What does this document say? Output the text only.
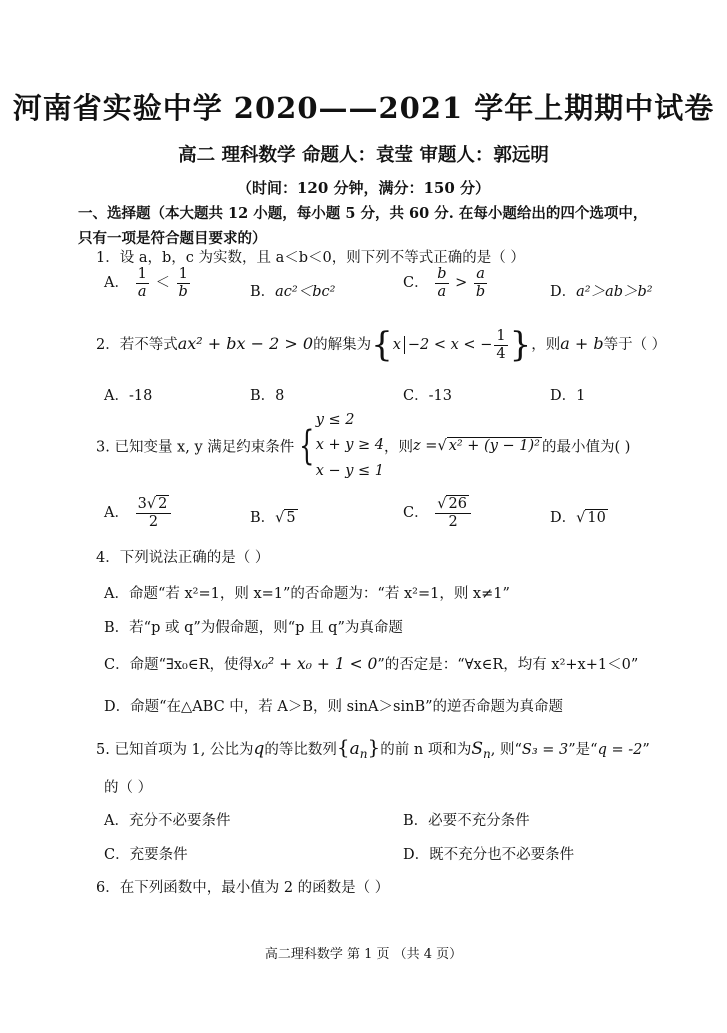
河南省实验中学 2020——2021 学年上期期中试卷
高二 理科数学 命题人：袁莹 审题人：郭远明
（时间：120 分钟，满分：150 分）
一、选择题（本大题共 12 小题，每小题 5 分，共 60 分. 在每小题给出的四个选项中，
只有一项是符合题目要求的）
1．设 a，b，c 为实数，且 a＜b＜0，则下列不等式正确的是（ ）
A． $\frac{1}{a} < \frac{1}{b}$	B．ac²＜bc²
C． $\frac{b}{a} > \frac{a}{b}$	D．a²＞ab＞b²
2．若不等式ax² + bx − 2 > 0的解集为{x −2 < x < − $\frac{1}{4}$ }，则a + b等于（ ）
A．-18	B．8	C．-13	D．1
3. 已知变量 x, y 满足约束条件 {
y ≤ 2
x + y ≥ 4
x − y ≤ 1
，则z =√ x² + (y − 1)² 的最小值为( )
A． $\frac{3√ 2}{2}$	B．√ 5	C． $\frac{√ 26}{2}$	D．√ 10
4．下列说法正确的是（ ）
A．命题“若 x²=1，则 x=1”的否命题为：“若 x²=1，则 x≠1”
B．若“p 或 q”为假命题，则“p 且 q”为真命题
C．命题“∃x₀∈R，使得x₀² + x₀ + 1 < 0”的否定是：“∀x∈R，均有 x²+x+1＜0”
D．命题“在△ABC 中，若 A＞B，则 sinA＞sinB”的逆否命题为真命题
5. 已知首项为 1, 公比为q的等比数列$\{a_n\}$的前 n 项和为$S_n$, 则“S₃ = 3”是“q = -2”
的（ ）
A．充分不必要条件	B．必要不充分条件
C．充要条件	D．既不充分也不必要条件
6．在下列函数中，最小值为 2 的函数是（ ）
高二理科数学 第 1 页 （共 4 页）
